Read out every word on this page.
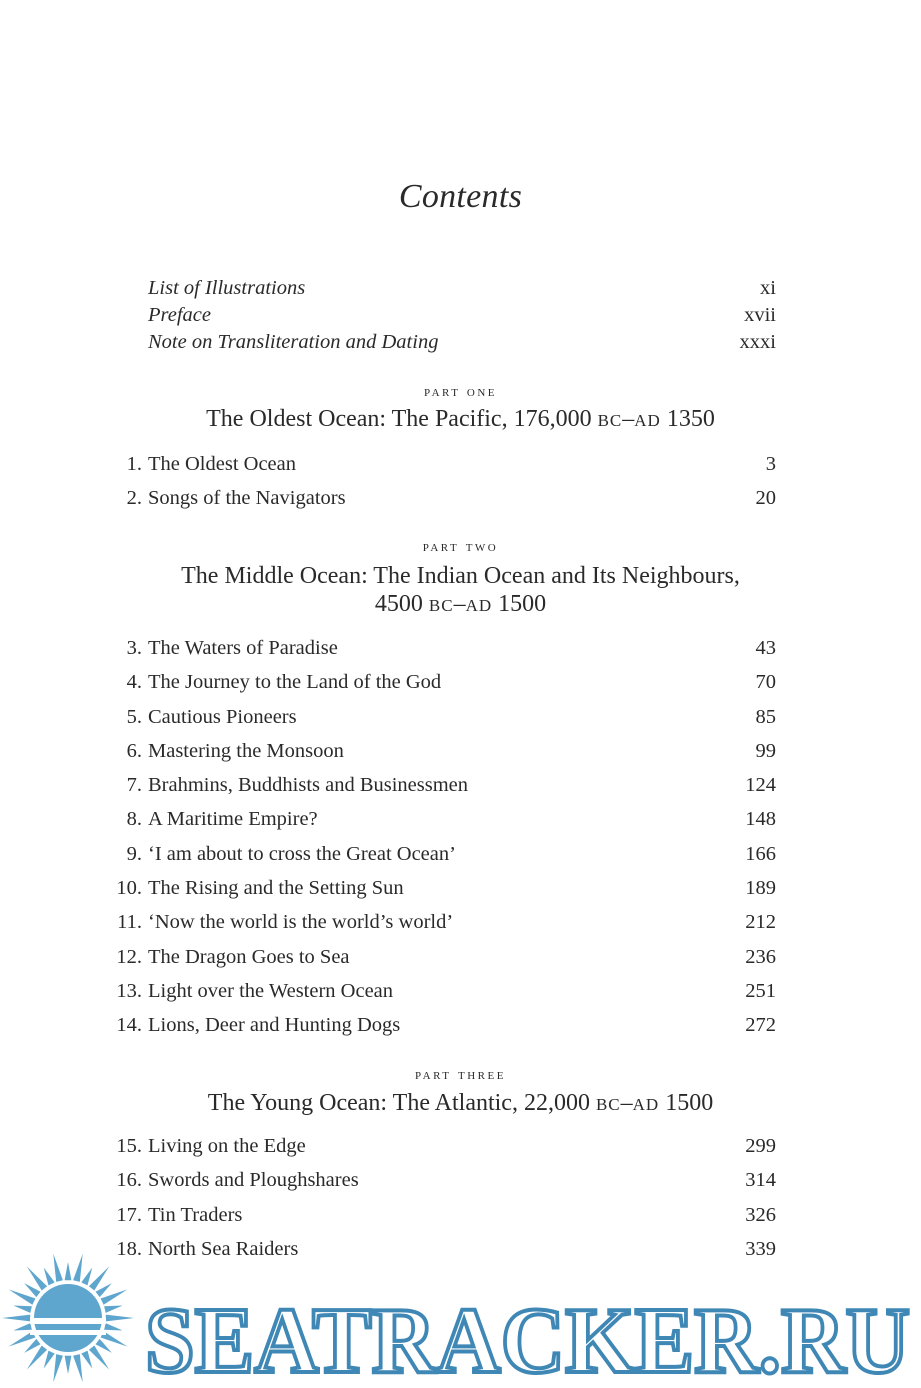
Contents
List of Illustrations	xi
Preface	xvii
Note on Transliteration and Dating	xxxi
part one
The Oldest Ocean: The Pacific, 176,000 bc–ad 1350
1. The Oldest Ocean	3
2. Songs of the Navigators	20
part two
The Middle Ocean: The Indian Ocean and Its Neighbours,
4500 bc–ad 1500
3. The Waters of Paradise	43
4. The Journey to the Land of the God	70
5. Cautious Pioneers	85
6. Mastering the Monsoon	99
7. Brahmins, Buddhists and Businessmen	124
8. A Maritime Empire?	148
9. ‘I am about to cross the Great Ocean’	166
10. The Rising and the Setting Sun	189
11. ‘Now the world is the world’s world’	212
12. The Dragon Goes to Sea	236
13. Light over the Western Ocean	251
14. Lions, Deer and Hunting Dogs	272
part three
The Young Ocean: The Atlantic, 22,000 bc–ad 1500
15. Living on the Edge	299
16. Swords and Ploughshares	314
17. Tin Traders	326
18. North Sea Raiders	339
SEATRACKER.RU
